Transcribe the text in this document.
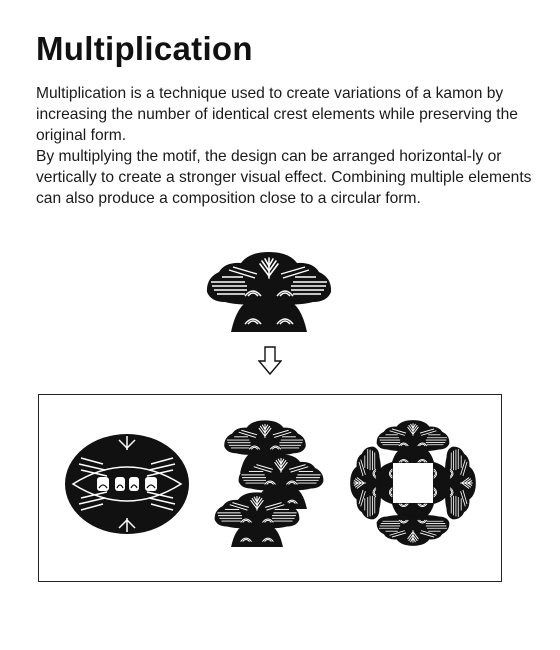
Multiplication

Multiplication is a technique used to create variations of a kamon by increasing the number of identical crest elements while preserving the original form.

By multiplying the motif, the design can be arranged horizontal-ly or vertically to create a stronger visual effect. Combining multiple elements can also produce a composition close to a circular form.
